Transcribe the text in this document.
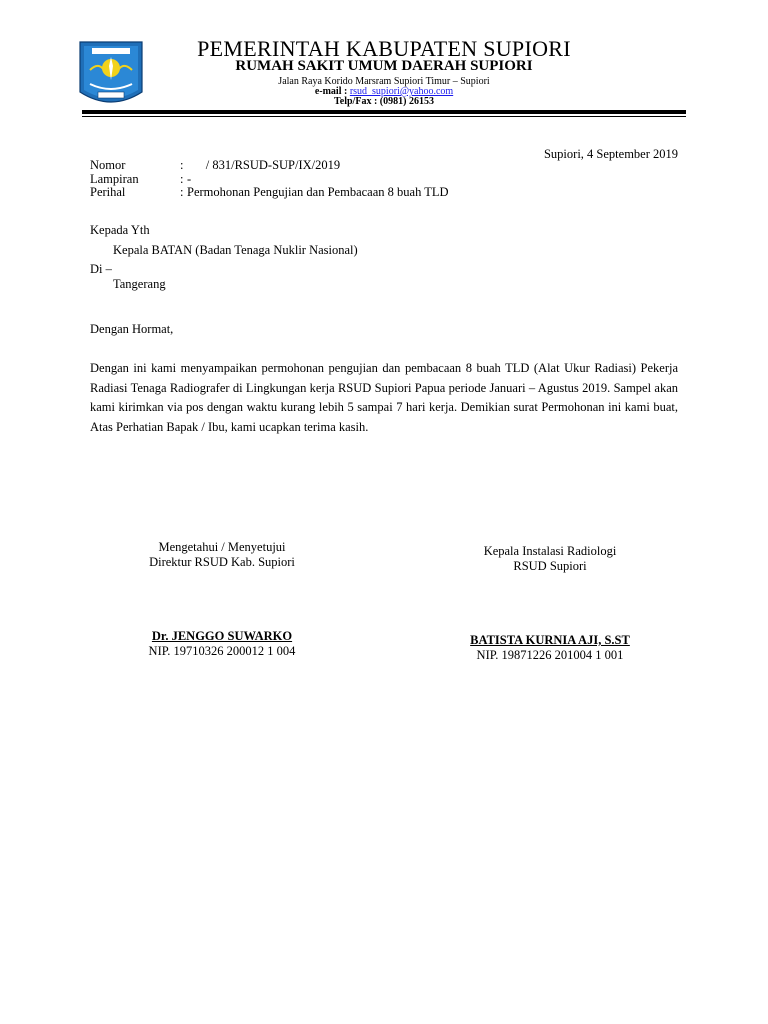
PEMERINTAH KABUPATEN SUPIORI
RUMAH SAKIT UMUM DAERAH SUPIORI
Jalan Raya Korido Marsram Supiori Timur – Supiori
e-mail : rsud_supiori@yahoo.com
Telp/Fax : (0981) 26153
Supiori, 4 September 2019
Nomor	: / 831/RSUD-SUP/IX/2019
Lampiran	: -
Perihal	: Permohonan Pengujian dan Pembacaan 8 buah TLD
Kepada Yth
Kepala BATAN (Badan Tenaga Nuklir Nasional)
Di –
Tangerang
Dengan Hormat,
Dengan ini kami menyampaikan permohonan pengujian dan pembacaan 8 buah TLD (Alat Ukur Radiasi) Pekerja Radiasi Tenaga Radiografer di Lingkungan kerja RSUD Supiori Papua periode Januari – Agustus 2019. Sampel akan kami kirimkan via pos dengan waktu kurang lebih 5 sampai 7 hari kerja. Demikian surat Permohonan ini kami buat, Atas Perhatian Bapak / Ibu, kami ucapkan terima kasih.
Mengetahui / Menyetujui
Direktur RSUD Kab. Supiori
Dr. JENGGO SUWARKO
NIP. 19710326 200012 1 004
Kepala Instalasi Radiologi
RSUD Supiori
BATISTA KURNIA AJI, S.ST
NIP. 19871226 201004 1 001
